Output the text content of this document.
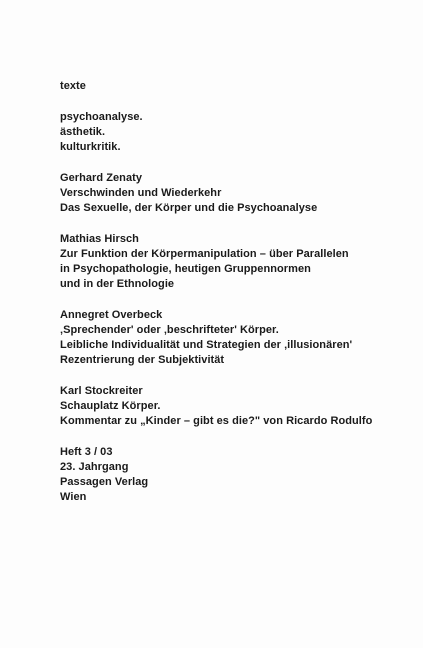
texte
psychoanalyse.
ästhetik.
kulturkritik.
Gerhard Zenaty
Verschwinden und Wiederkehr
Das Sexuelle, der Körper und die Psychoanalyse
Mathias Hirsch
Zur Funktion der Körpermanipulation – über Parallelen
in Psychopathologie, heutigen Gruppennormen
und in der Ethnologie
Annegret Overbeck
‚Sprechender' oder ‚beschrifteter' Körper.
Leibliche Individualität und Strategien der ‚illusionären'
Rezentrierung der Subjektivität
Karl Stockreiter
Schauplatz Körper.
Kommentar zu „Kinder – gibt es die?" von Ricardo Rodulfo
Heft 3 / 03
23. Jahrgang
Passagen Verlag
Wien
